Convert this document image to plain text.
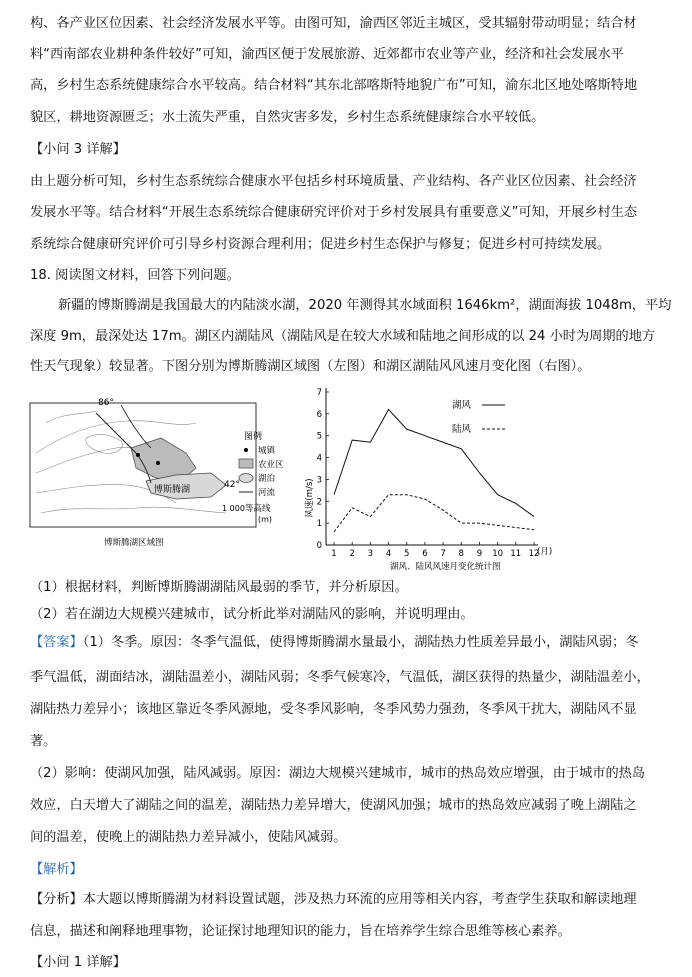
构、各产业区位因素、社会经济发展水平等。由图可知，渝西区邻近主城区，受其辐射带动明显；结合材
料“西南部农业耕种条件较好”可知，渝西区便于发展旅游、近郊都市农业等产业，经济和社会发展水平
高，乡村生态系统健康综合水平较高。结合材料“其东北部喀斯特地貌广布”可知，渝东北区地处喀斯特地
貌区，耕地资源匮乏；水土流失严重，自然灾害多发，乡村生态系统健康综合水平较低。
【小问 3 详解】
由上题分析可知，乡村生态系统综合健康水平包括乡村环境质量、产业结构、各产业区位因素、社会经济
发展水平等。结合材料“开展生态系统综合健康研究评价对于乡村发展具有重要意义”可知，开展乡村生态
系统综合健康研究评价可引导乡村资源合理利用；促进乡村生态保护与修复；促进乡村可持续发展。
18. 阅读图文材料，回答下列问题。
新疆的博斯腾湖是我国最大的内陆淡水湖，2020 年测得其水域面积 1646km²，湖面海拔 1048m，平均
深度 9m，最深处达 17m。湖区内湖陆风（湖陆风是在较大水域和陆地之间形成的以 24 小时为周期的地方
性天气现象）较显著。下图分别为博斯腾湖区域图（左图）和湖区湖陆风风速月变化图（右图）。
博斯腾湖
86°
42°
博斯腾湖区域图
图例
城镇
农业区
湖泊
河流
1 000 等高线
(m)
0
1
2
3
4
5
6
7
1 2 3 4 5 6 7 8 9 10 11 12
湖风
陆风
风速(m/s)
(月)
湖风、陆风风速月变化统计图
（1）根据材料，判断博斯腾湖湖陆风最弱的季节，并分析原因。
（2）若在湖边大规模兴建城市，试分析此举对湖陆风的影响，并说明理由。
【答案】（1）冬季。原因：冬季气温低，使得博斯腾湖水量最小，湖陆热力性质差异最小，湖陆风弱；冬
季气温低，湖面结冰，湖陆温差小，湖陆风弱；冬季气候寒冷，气温低，湖区获得的热量少，湖陆温差小，
湖陆热力差异小；该地区靠近冬季风源地，受冬季风影响，冬季风势力强劲，冬季风干扰大，湖陆风不显
著。
（2）影响：使湖风加强，陆风减弱。原因：湖边大规模兴建城市，城市的热岛效应增强，由于城市的热岛
效应，白天增大了湖陆之间的温差，湖陆热力差异增大，使湖风加强；城市的热岛效应减弱了晚上湖陆之
间的温差，使晚上的湖陆热力差异减小，使陆风减弱。
【解析】
【分析】本大题以博斯腾湖为材料设置试题，涉及热力环流的应用等相关内容，考查学生获取和解读地理
信息，描述和阐释地理事物，论证探讨地理知识的能力，旨在培养学生综合思维等核心素养。
【小问 1 详解】
